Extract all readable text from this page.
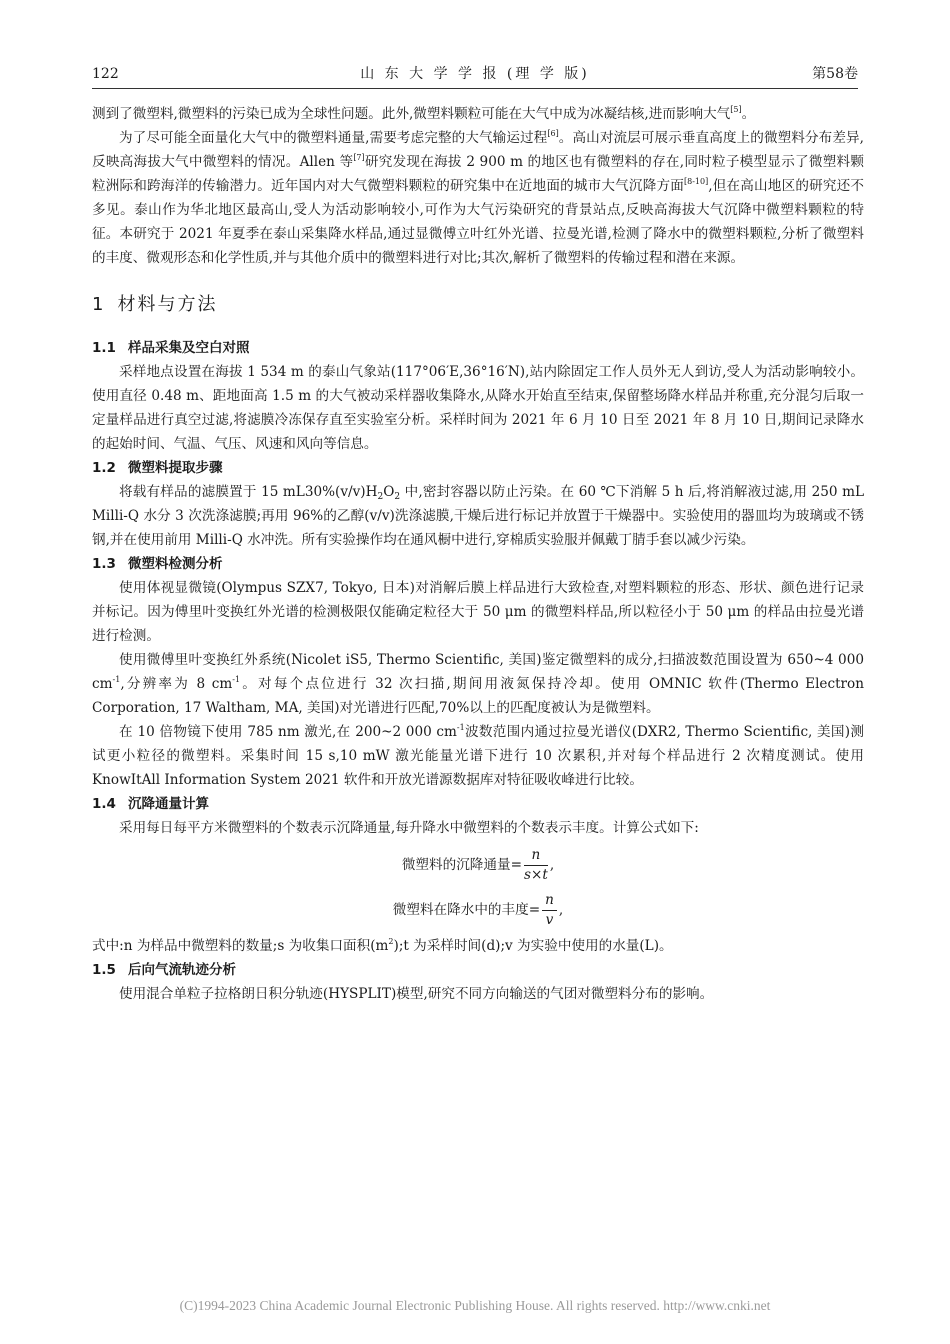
122	山 东 大 学 学 报 (理 学 版)	第58卷

测到了微塑料,微塑料的污染已成为全球性问题。此外,微塑料颗粒可能在大气中成为冰凝结核,进而影响大气[5]。

为了尽可能全面量化大气中的微塑料通量,需要考虑完整的大气输运过程[6]。高山对流层可展示垂直高度上的微塑料分布差异,反映高海拔大气中微塑料的情况。Allen 等[7]研究发现在海拔 2 900 m 的地区也有微塑料的存在,同时粒子模型显示了微塑料颗粒洲际和跨海洋的传输潜力。近年国内对大气微塑料颗粒的研究集中在近地面的城市大气沉降方面[8-10],但在高山地区的研究还不多见。泰山作为华北地区最高山,受人为活动影响较小,可作为大气污染研究的背景站点,反映高海拔大气沉降中微塑料颗粒的特征。本研究于 2021 年夏季在泰山采集降水样品,通过显微傅立叶红外光谱、拉曼光谱,检测了降水中的微塑料颗粒,分析了微塑料的丰度、微观形态和化学性质,并与其他介质中的微塑料进行对比;其次,解析了微塑料的传输过程和潜在来源。

1 材料与方法
1.1 样品采集及空白对照

采样地点设置在海拔 1 534 m 的泰山气象站(117°06′E,36°16′N),站内除固定工作人员外无人到访,受人为活动影响较小。使用直径 0.48 m、距地面高 1.5 m 的大气被动采样器收集降水,从降水开始直至结束,保留整场降水样品并称重,充分混匀后取一定量样品进行真空过滤,将滤膜冷冻保存直至实验室分析。采样时间为 2021 年 6 月 10 日至 2021 年 8 月 10 日,期间记录降水的起始时间、气温、气压、风速和风向等信息。

1.2 微塑料提取步骤

将载有样品的滤膜置于 15 $mL30\%(v/v)H_2O_2$ 中,密封容器以防止污染。在 60 ℃下消解 5 h 后,将消解液过滤,用 250 mL Milli-Q 水分 3 次洗涤滤膜;再用 96%的乙醇(v/v)洗涤滤膜,干燥后进行标记并放置于干燥器中。实验使用的器皿均为玻璃或不锈钢,并在使用前用 Milli-Q 水冲洗。所有实验操作均在通风橱中进行,穿棉质实验服并佩戴丁腈手套以减少污染。

1.3 微塑料检测分析

使用体视显微镜(Olympus SZX7, Tokyo, 日本)对消解后膜上样品进行大致检查,对塑料颗粒的形态、形状、颜色进行记录并标记。因为傅里叶变换红外光谱的检测极限仅能确定粒径大于 50 μm 的微塑料样品,所以粒径小于 50 μm 的样品由拉曼光谱进行检测。

使用微傅里叶变换红外系统(Nicolet iS5, Thermo Scientific, 美国)鉴定微塑料的成分,扫描波数范围设置为 650~4 000 $cm^{-1}$,分辨率为 8 $cm^{-1}$。对每个点位进行 32 次扫描,期间用液氮保持冷却。使用 OMNIC 软件(Thermo Electron Corporation, 17 Waltham, MA, 美国)对光谱进行匹配,70%以上的匹配度被认为是微塑料。

在 10 倍物镜下使用 785 nm 激光,在 200~2 000 $cm^{-1}$波数范围内通过拉曼光谱仪(DXR2, Thermo Scientific, 美国)测试更小粒径的微塑料。采集时间 15 s,10 mW 激光能量光谱下进行 10 次累积,并对每个样品进行 2 次精度测试。使用 KnowItAll Information System 2021 软件和开放光谱源数据库对特征吸收峰进行比较。

1.4 沉降通量计算

采用每日每平方米微塑料的个数表示沉降通量,每升降水中微塑料的个数表示丰度。计算公式如下:

微塑料的沉降通量= $\frac{n}{s\times t}$ ,
微塑料在降水中的丰度= $\frac{n}{v}$ ,

式中:n 为样品中微塑料的数量;s 为收集口面积$(m^2);t$ 为采样时间(d);v 为实验中使用的水量(L)。

1.5 后向气流轨迹分析

使用混合单粒子拉格朗日积分轨迹(HYSPLIT)模型,研究不同方向输送的气团对微塑料分布的影响。

(C)1994-2023 China Academic Journal Electronic Publishing House. All rights reserved. http://www.cnki.net
